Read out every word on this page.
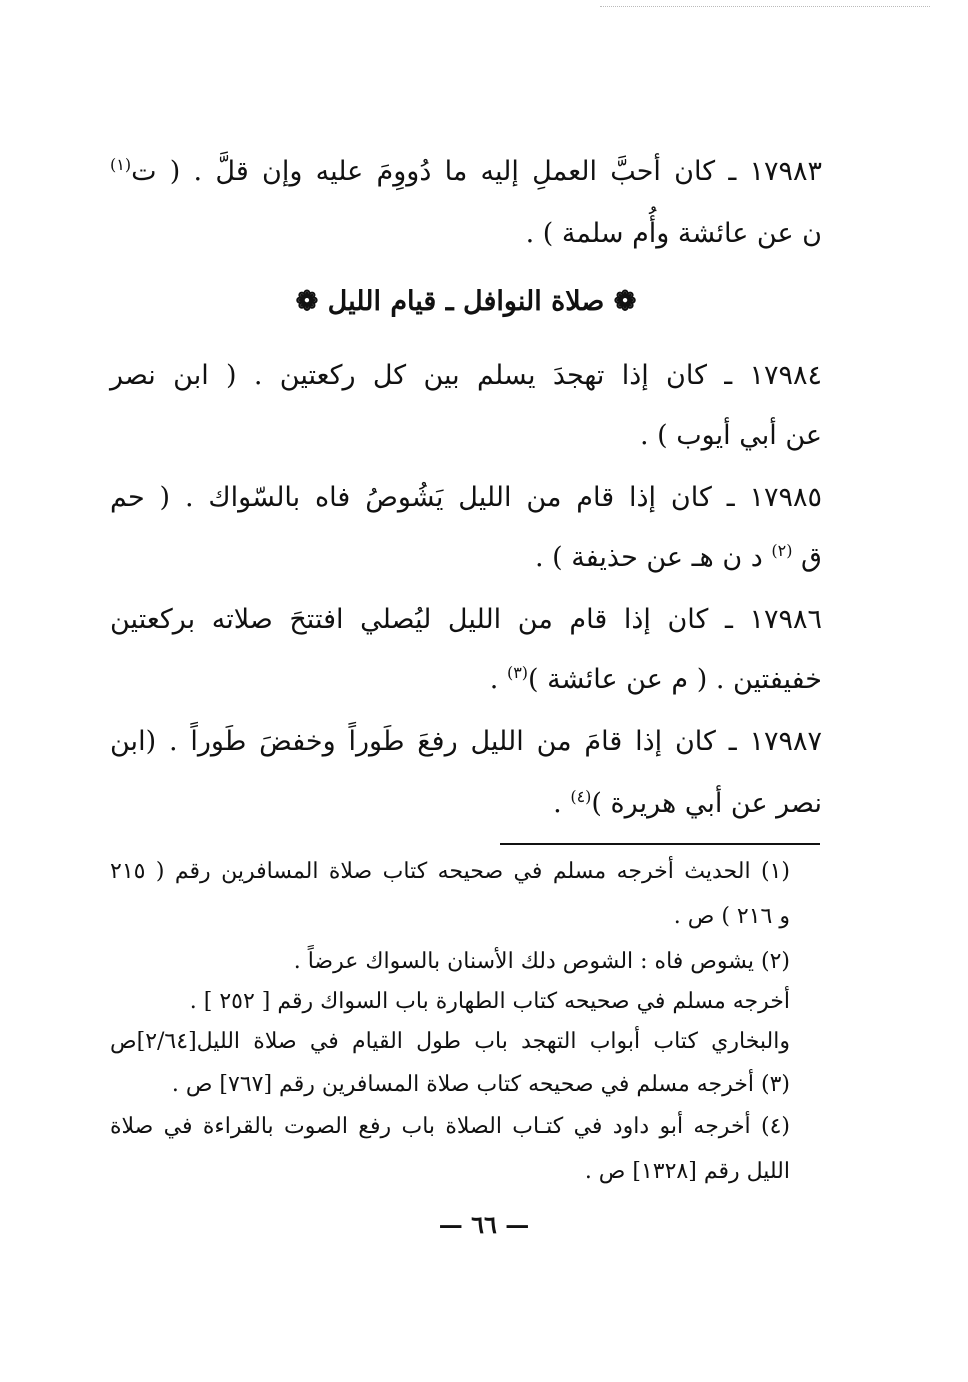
١٧٩٨٣ ـ كان أحبَّ العملِ إليه ما دُووِمَ عليه وإن قلَّ . ( ت$^{(١)}$
ن عن عائشة وأُم سلمة ) .
❁ صلاة النوافل ـ قيام الليل ❁
١٧٩٨٤ ـ كان إذا تهجدَ يسلم بين كل ركعتين . ( ابن نصر
عن أبي أيوب ) .
١٧٩٨٥ ـ كان إذا قام من الليل يَشُوصُ فاه بالسّواك . ( حم
ق $^{(٢)}$ د ن هـ عن حذيفة ) .
١٧٩٨٦ ـ كان إذا قام من الليل ليُصلي افتتحَ صلاته بركعتين
خفيفتين . ( م عن عائشة )$^{(٣)}$ .
١٧٩٨٧ ـ كان إذا قامَ من الليل رفعَ طَوراً وخفضَ طَوراً . (ابن
نصر عن أبي هريرة )$^{(٤)}$ .
(١) الحديث أخرجه مسلم في صحيحه كتاب صلاة المسافرين رقم ( ٢١٥
و ٢١٦ ) ص .
(٢) يشوص فاه : الشوص دلك الأسنان بالسواك عرضاً .
أخرجه مسلم في صحيحه كتاب الطهارة باب السواك رقم [ ٢٥٢ ] .
والبخاري كتاب أبواب التهجد باب طول القيام في صلاة الليل[٢/٦٤]ص
(٣) أخرجه مسلم في صحيحه كتاب صلاة المسافرين رقم [٧٦٧] ص .
(٤) أخرجه أبو داود في كتـاب الصلاة باب رفع الصوت بالقراءة في صلاة
الليل رقم [١٣٢٨] ص .
— ٦٦ —
